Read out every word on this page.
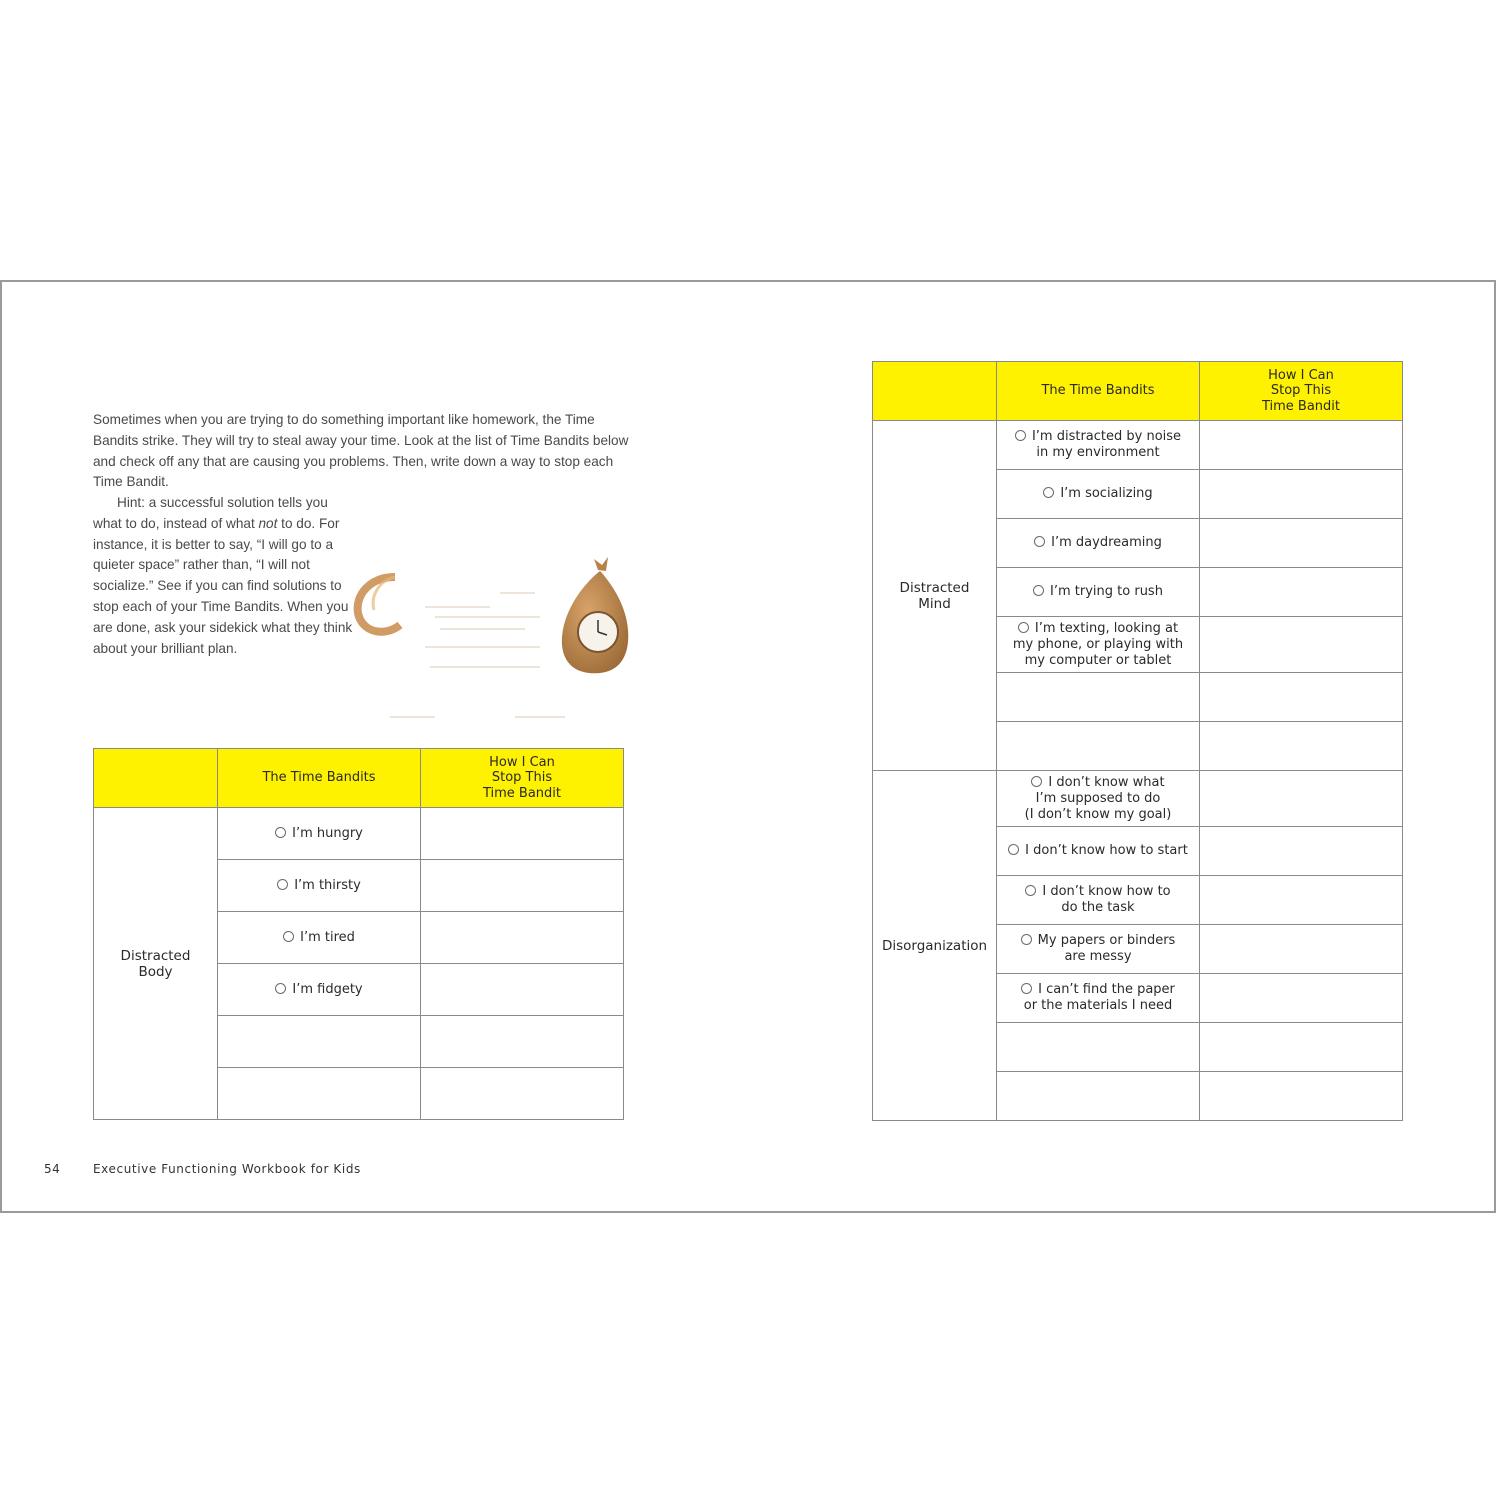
Sometimes when you are trying to do something important like homework, the Time Bandits strike. They will try to steal away your time. Look at the list of Time Bandits below and check off any that are causing you problems. Then, write down a way to stop each Time Bandit.

Hint: a successful solution tells you what to do, instead of what not to do. For instance, it is better to say, “I will go to a quieter space” rather than, “I will not socialize.” See if you can find solutions to stop each of your Time Bandits. When you are done, ask your sidekick what they think about your brilliant plan.

	The Time Bandits	How I Can
Stop This
Time Bandit
Distracted
Body	I’m hungry	
	I’m thirsty	
	I’m tired	
	I’m fidgety	

	The Time Bandits	How I Can
Stop This
Time Bandit
Distracted
Mind	I’m distracted by noise
in my environment	
	I’m socializing	
	I’m daydreaming	
	I’m trying to rush	
	I’m texting, looking at
my phone, or playing with
my computer or tablet	

Disorganization	I don’t know what
I’m supposed to do
(I don’t know my goal)	
	I don’t know how to start	
	I don’t know how to
do the task	
	My papers or binders
are messy	
	I can’t find the paper
or the materials I need	

54	Executive Functioning Workbook for Kids
